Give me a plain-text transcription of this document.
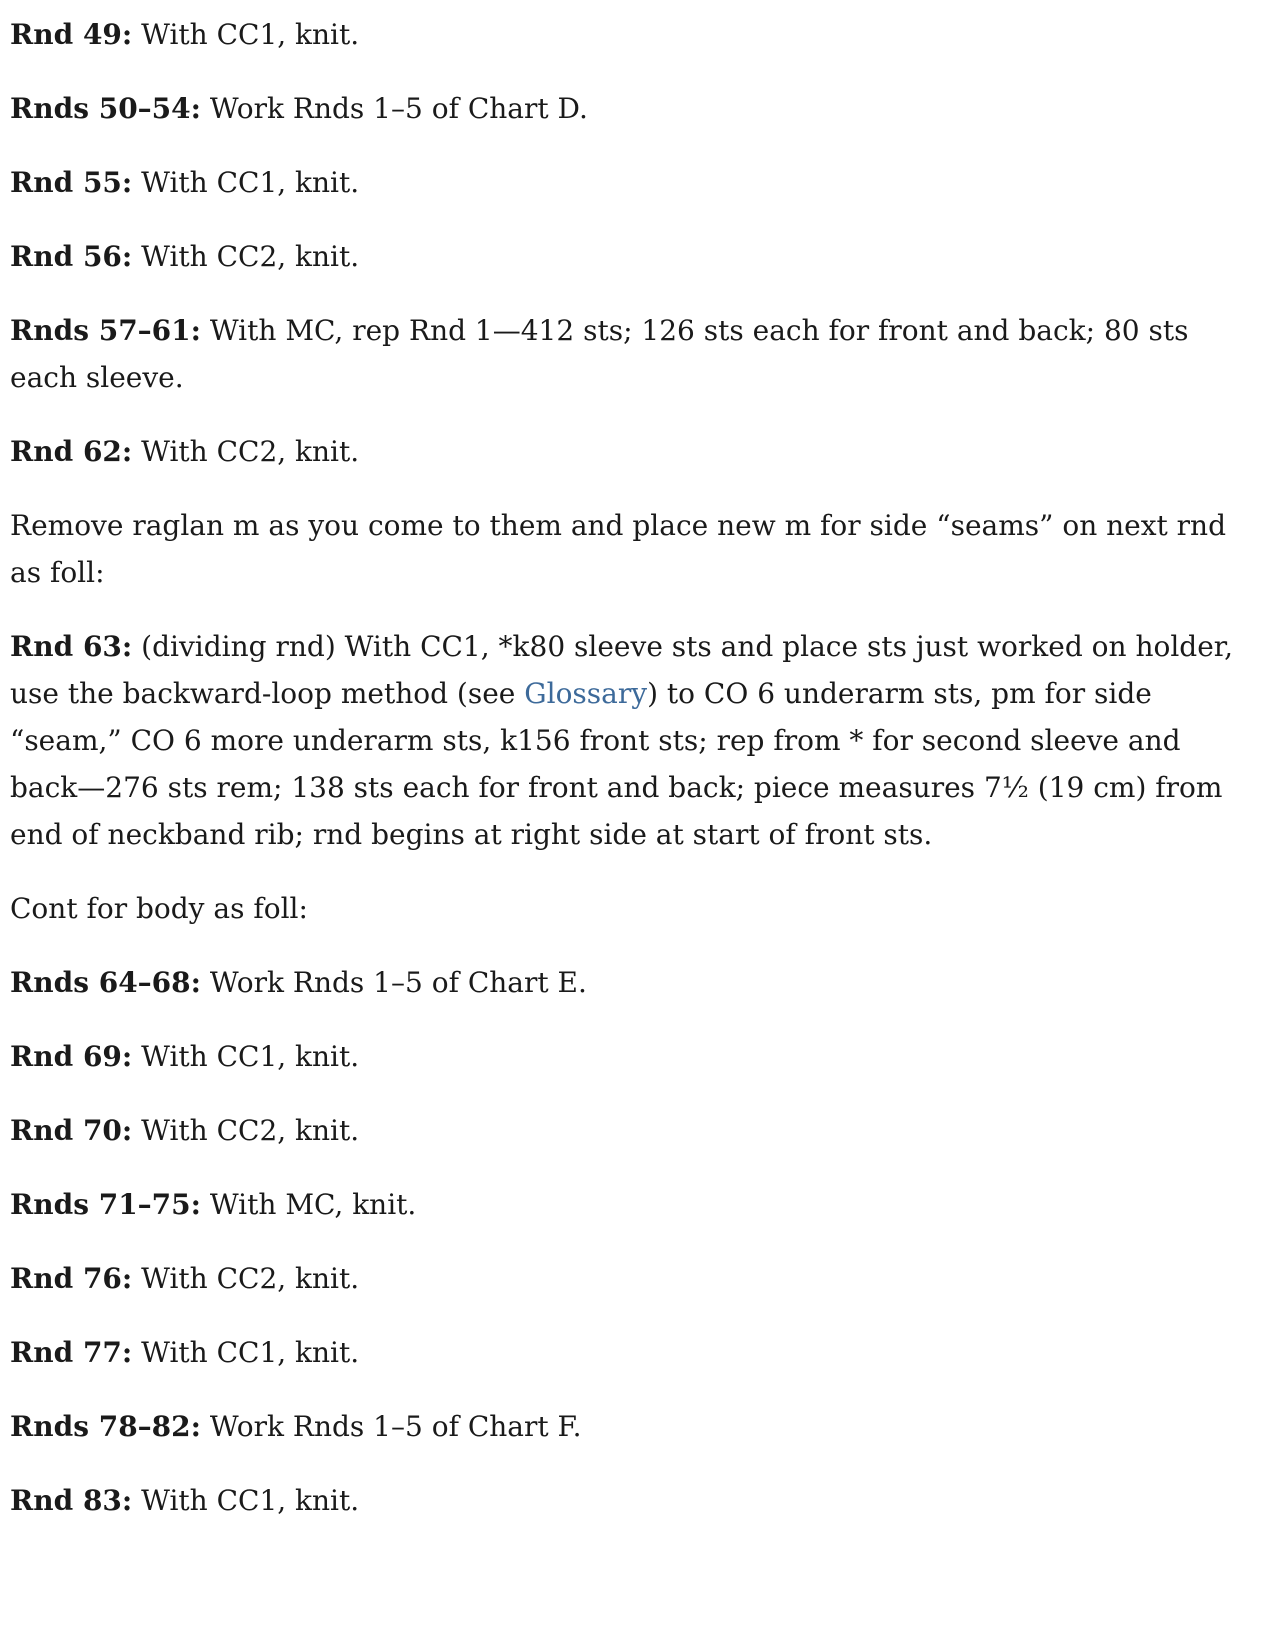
Rnd 49: With CC1, knit.

Rnds 50–54: Work Rnds 1–5 of Chart D.

Rnd 55: With CC1, knit.

Rnd 56: With CC2, knit.

Rnds 57–61: With MC, rep Rnd 1—412 sts; 126 sts each for front and back; 80 sts each sleeve.

Rnd 62: With CC2, knit.

Remove raglan m as you come to them and place new m for side “seams” on next rnd as foll:

Rnd 63: (dividing rnd) With CC1, *k80 sleeve sts and place sts just worked on holder, use the backward-loop method (see Glossary) to CO 6 underarm sts, pm for side “seam,” CO 6 more underarm sts, k156 front sts; rep from * for second sleeve and back—276 sts rem; 138 sts each for front and back; piece measures 7½ (19 cm) from end of neckband rib; rnd begins at right side at start of front sts.

Cont for body as foll:

Rnds 64–68: Work Rnds 1–5 of Chart E.

Rnd 69: With CC1, knit.

Rnd 70: With CC2, knit.

Rnds 71–75: With MC, knit.

Rnd 76: With CC2, knit.

Rnd 77: With CC1, knit.

Rnds 78–82: Work Rnds 1–5 of Chart F.

Rnd 83: With CC1, knit.
